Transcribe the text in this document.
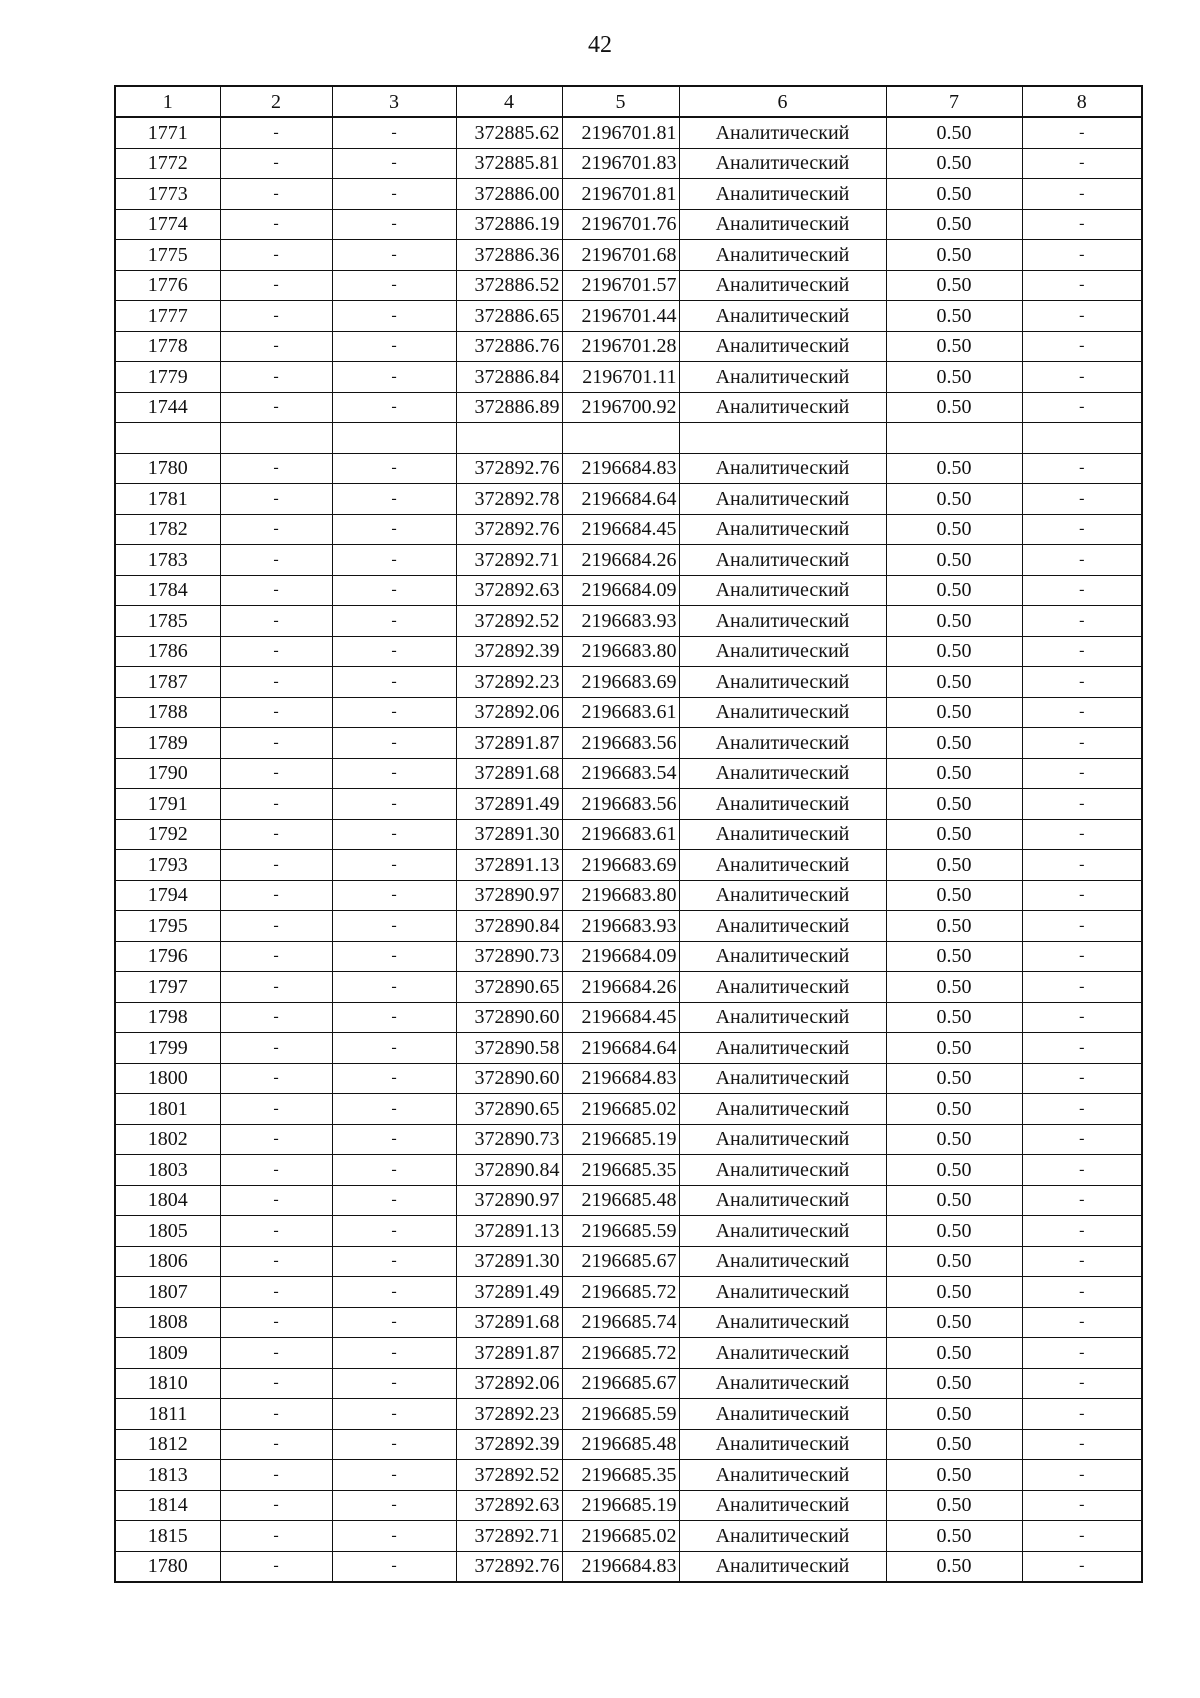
42
1	2	3	4	5	6	7	8
1771	-	-	372885.62	2196701.81	Аналитический	0.50	-
1772	-	-	372885.81	2196701.83	Аналитический	0.50	-
1773	-	-	372886.00	2196701.81	Аналитический	0.50	-
1774	-	-	372886.19	2196701.76	Аналитический	0.50	-
1775	-	-	372886.36	2196701.68	Аналитический	0.50	-
1776	-	-	372886.52	2196701.57	Аналитический	0.50	-
1777	-	-	372886.65	2196701.44	Аналитический	0.50	-
1778	-	-	372886.76	2196701.28	Аналитический	0.50	-
1779	-	-	372886.84	2196701.11	Аналитический	0.50	-
1744	-	-	372886.89	2196700.92	Аналитический	0.50	-

1780	-	-	372892.76	2196684.83	Аналитический	0.50	-
1781	-	-	372892.78	2196684.64	Аналитический	0.50	-
1782	-	-	372892.76	2196684.45	Аналитический	0.50	-
1783	-	-	372892.71	2196684.26	Аналитический	0.50	-
1784	-	-	372892.63	2196684.09	Аналитический	0.50	-
1785	-	-	372892.52	2196683.93	Аналитический	0.50	-
1786	-	-	372892.39	2196683.80	Аналитический	0.50	-
1787	-	-	372892.23	2196683.69	Аналитический	0.50	-
1788	-	-	372892.06	2196683.61	Аналитический	0.50	-
1789	-	-	372891.87	2196683.56	Аналитический	0.50	-
1790	-	-	372891.68	2196683.54	Аналитический	0.50	-
1791	-	-	372891.49	2196683.56	Аналитический	0.50	-
1792	-	-	372891.30	2196683.61	Аналитический	0.50	-
1793	-	-	372891.13	2196683.69	Аналитический	0.50	-
1794	-	-	372890.97	2196683.80	Аналитический	0.50	-
1795	-	-	372890.84	2196683.93	Аналитический	0.50	-
1796	-	-	372890.73	2196684.09	Аналитический	0.50	-
1797	-	-	372890.65	2196684.26	Аналитический	0.50	-
1798	-	-	372890.60	2196684.45	Аналитический	0.50	-
1799	-	-	372890.58	2196684.64	Аналитический	0.50	-
1800	-	-	372890.60	2196684.83	Аналитический	0.50	-
1801	-	-	372890.65	2196685.02	Аналитический	0.50	-
1802	-	-	372890.73	2196685.19	Аналитический	0.50	-
1803	-	-	372890.84	2196685.35	Аналитический	0.50	-
1804	-	-	372890.97	2196685.48	Аналитический	0.50	-
1805	-	-	372891.13	2196685.59	Аналитический	0.50	-
1806	-	-	372891.30	2196685.67	Аналитический	0.50	-
1807	-	-	372891.49	2196685.72	Аналитический	0.50	-
1808	-	-	372891.68	2196685.74	Аналитический	0.50	-
1809	-	-	372891.87	2196685.72	Аналитический	0.50	-
1810	-	-	372892.06	2196685.67	Аналитический	0.50	-
1811	-	-	372892.23	2196685.59	Аналитический	0.50	-
1812	-	-	372892.39	2196685.48	Аналитический	0.50	-
1813	-	-	372892.52	2196685.35	Аналитический	0.50	-
1814	-	-	372892.63	2196685.19	Аналитический	0.50	-
1815	-	-	372892.71	2196685.02	Аналитический	0.50	-
1780	-	-	372892.76	2196684.83	Аналитический	0.50	-
